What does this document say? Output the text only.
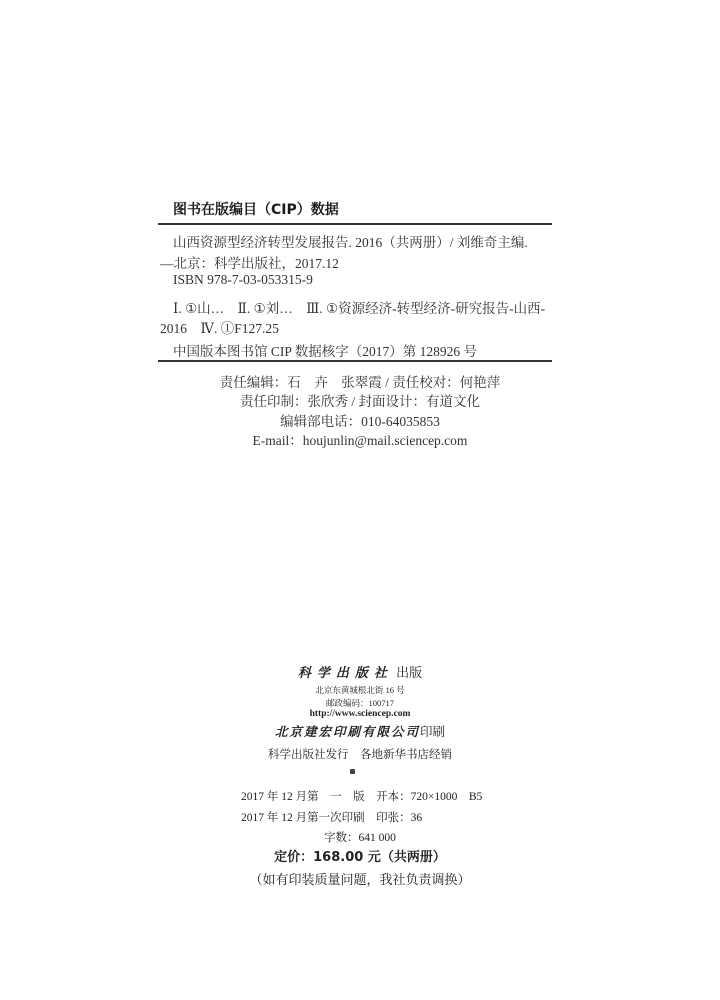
图书在版编目（CIP）数据
山西资源型经济转型发展报告. 2016（共两册）/ 刘维奇主编.
—北京：科学出版社，2017.12
ISBN 978-7-03-053315-9
Ⅰ. ①山…　Ⅱ. ①刘…　Ⅲ. ①资源经济-转型经济-研究报告-山西-
2016　Ⅳ. ①F127.25
中国版本图书馆 CIP 数据核字（2017）第 128926 号
责任编辑：石　卉　张翠霞 / 责任校对：何艳萍
责任印制：张欣秀 / 封面设计：有道文化
编辑部电话：010-64035853
E-mail：houjunlin@mail.sciencep.com
科学出版社 出版
北京东黄城根北街 16 号
邮政编码：100717
http://www.sciencep.com
北京建宏印刷有限公司印刷
科学出版社发行　各地新华书店经销
2017 年 12 月第　一　版　开本：720×1000　B5
2017 年 12 月第一次印刷　印张：36
字数：641 000
定价：168.00 元（共两册）
（如有印装质量问题，我社负责调换）
